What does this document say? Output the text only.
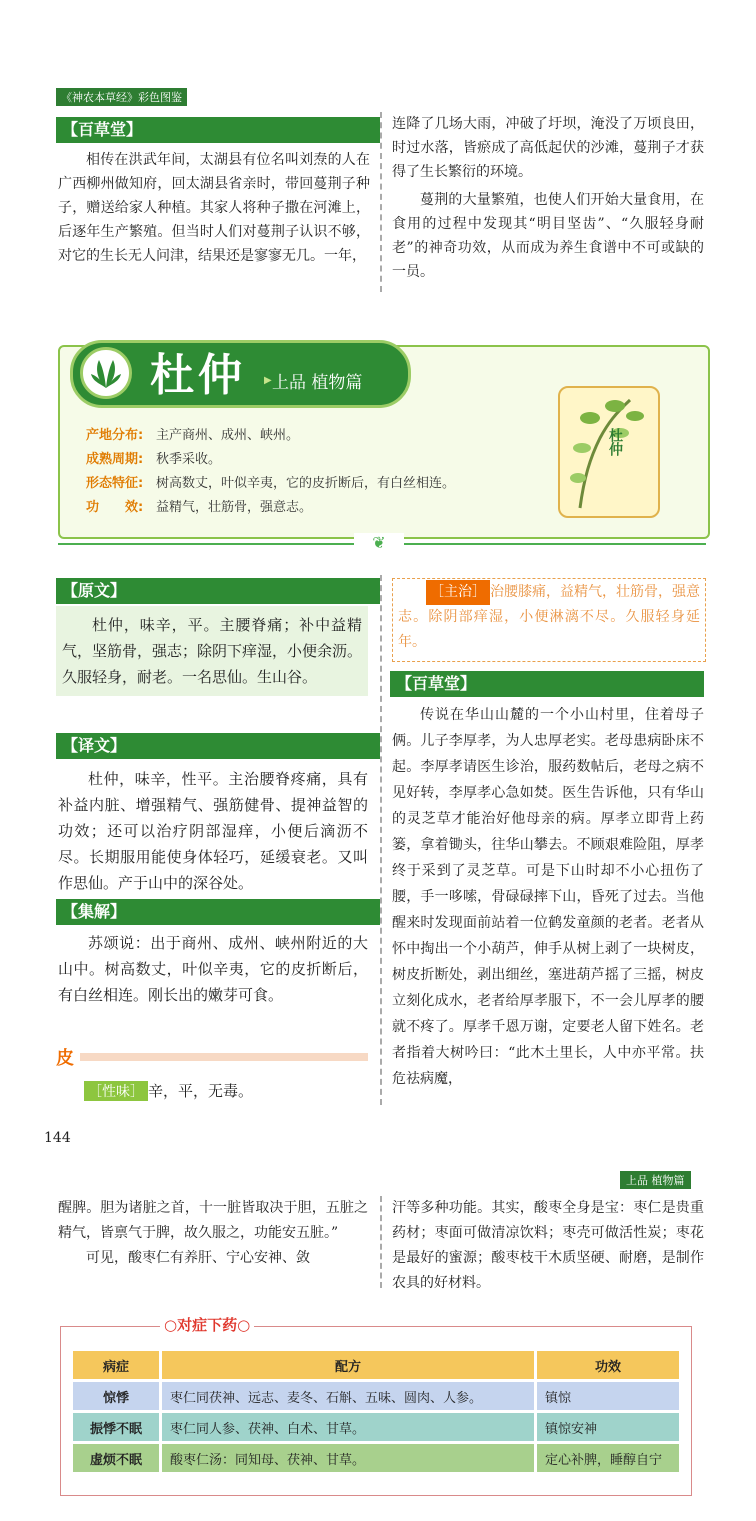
《神农本草经》彩色图鉴
【百草堂】

相传在洪武年间，太湖县有位名叫刘焘的人在广西柳州做知府，回太湖县省亲时，带回蔓荆子种子，赠送给家人种植。其家人将种子撒在河滩上，后逐年生产繁殖。但当时人们对蔓荆子认识不够，对它的生长无人问津，结果还是寥寥无几。一年，

连降了几场大雨，冲破了圩坝，淹没了万顷良田，时过水落，皆瘀成了高低起伏的沙滩，蔓荆子才获得了生长繁衍的环境。

蔓荆的大量繁殖，也使人们开始大量食用，在食用的过程中发现其“明目坚齿”、“久服轻身耐老”的神奇功效，从而成为养生食谱中不可或缺的一员。

杜仲 ▶ 上品 植物篇
产地分布: 主产商州、成州、峡州。
成熟周期: 秋季采收。
形态特征: 树高数丈，叶似辛夷，它的皮折断后，有白丝相连。
功　　效: 益精气，壮筋骨，强意志。
杜仲
❦
【原文】

杜仲，味辛，平。主腰脊痛；补中益精气，坚筋骨，强志；除阴下痒湿，小便余沥。久服轻身，耐老。一名思仙。生山谷。

【译文】

杜仲，味辛，性平。主治腰脊疼痛，具有补益内脏、增强精气、强筋健骨、提神益智的功效；还可以治疗阴部湿痒，小便后滴沥不尽。长期服用能使身体轻巧，延缓衰老。又叫作思仙。产于山中的深谷处。

【集解】

苏颂说：出于商州、成州、峡州附近的大山中。树高数丈，叶似辛夷，它的皮折断后，有白丝相连。刚长出的嫩芽可食。

皮
［性味］ 辛，平，无毒。
［主治］ 治腰膝痛，益精气，壮筋骨，强意志。除阴部痒湿，小便淋漓不尽。久服轻身延年。
【百草堂】

传说在华山山麓的一个小山村里，住着母子俩。儿子李厚孝，为人忠厚老实。老母患病卧床不起。李厚孝请医生诊治，服药数帖后，老母之病不见好转，李厚孝心急如焚。医生告诉他，只有华山的灵芝草才能治好他母亲的病。厚孝立即背上药篓，拿着锄头，往华山攀去。不顾艰难险阻，厚孝终于采到了灵芝草。可是下山时却不小心扭伤了腰，手一哆嗦，骨碌碌摔下山，昏死了过去。当他醒来时发现面前站着一位鹤发童颜的老者。老者从怀中掏出一个小葫芦，伸手从树上剥了一块树皮，树皮折断处，剥出细丝，塞进葫芦摇了三摇，树皮立刻化成水，老者给厚孝服下，不一会儿厚孝的腰就不疼了。厚孝千恩万谢，定要老人留下姓名。老者指着大树吟曰：“此木土里长，人中亦平常。扶危祛病魔，

144
上品 植物篇
醒脾。胆为诸脏之首，十一脏皆取决于胆，五脏之精气，皆禀气于脾，故久服之，功能安五脏。”

可见，酸枣仁有养肝、宁心安神、敛

汗等多种功能。其实，酸枣全身是宝：枣仁是贵重药材；枣面可做清凉饮料；枣壳可做活性炭；枣花是最好的蜜源；酸枣枝干木质坚硬、耐磨，是制作农具的好材料。
○对症下药○
病症	配方	功效
惊悸	枣仁同茯神、远志、麦冬、石斛、五味、圆肉、人参。	镇惊
振悸不眠	枣仁同人参、茯神、白术、甘草。	镇惊安神
虚烦不眠	酸枣仁汤：同知母、茯神、甘草。	定心补脾，睡醇自宁
